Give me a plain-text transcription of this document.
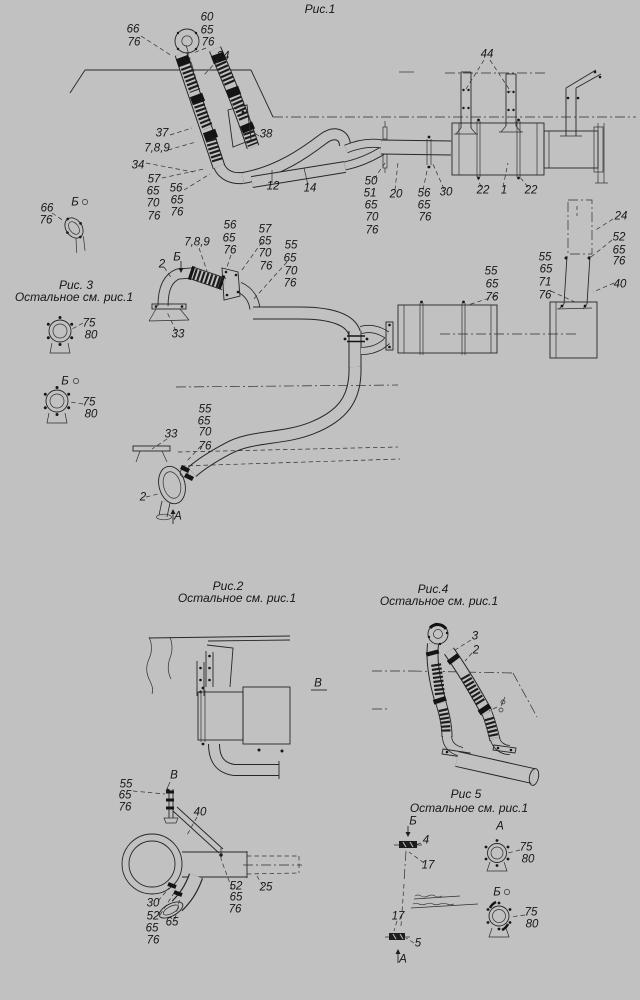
Рис.1
Рис. 3
Остальное см. рис.1
Рис.2
Остальное см. рис.1
Рис.4
Остальное см. рис.1
Рис 5
Остальное см. рис.1
66
76
60
65
76
34
37
7,8,9
34
38
57
65
70
76
56
65
76
12 14
50
51
65
70
76
20 56
65
76
30
44
22 1 22
24
52
65
76
40
55
65
76
55
65
71
76
56
65
76
7,8,9
57
65
70
76
55
65
70
76
2
Б
33
55
65
70
76
33
2
А
Б
66
76
75
80
Б
75
80
В
В
55
65
76	40
30
52
65
76
65
52
65
76
25
3
2
Б
4
17
А
75
80
Б
75
80
17
5
А
